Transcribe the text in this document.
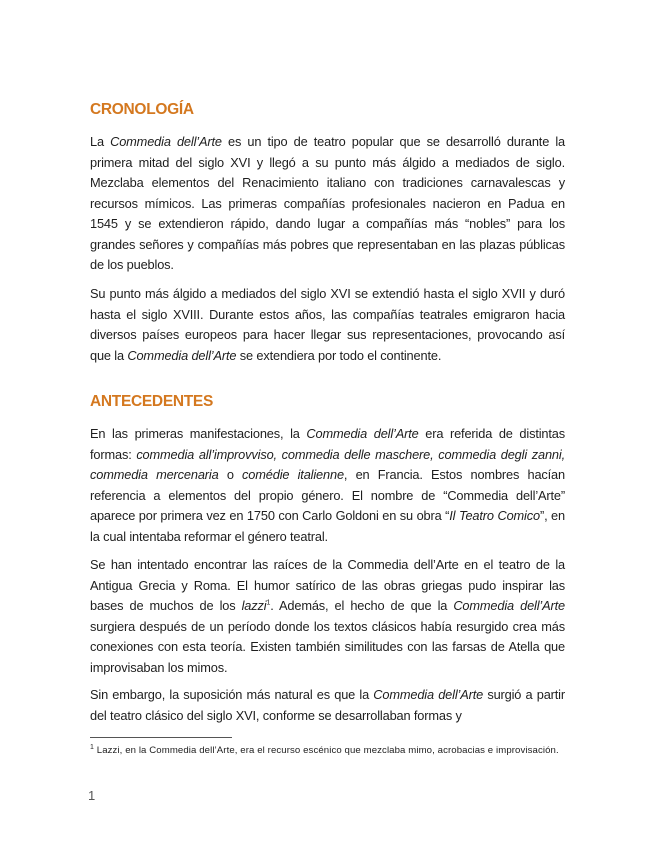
CRONOLOGÍA

La Commedia dell’Arte es un tipo de teatro popular que se desarrolló durante la primera mitad del siglo XVI y llegó a su punto más álgido a mediados de siglo. Mezclaba elementos del Renacimiento italiano con tradiciones carnavalescas y recursos mímicos. Las primeras compañías profesionales nacieron en Padua en 1545 y se extendieron rápido, dando lugar a compañías más “nobles” para los grandes señores y compañías más pobres que representaban en las plazas públicas de los pueblos.

Su punto más álgido a mediados del siglo XVI se extendió hasta el siglo XVII y duró hasta el siglo XVIII. Durante estos años, las compañías teatrales emigraron hacia diversos países europeos para hacer llegar sus representaciones, provocando así que la Commedia dell’Arte se extendiera por todo el continente.

ANTECEDENTES

En las primeras manifestaciones, la Commedia dell’Arte era referida de distintas formas: commedia all’improvviso, commedia delle maschere, commedia degli zanni, commedia mercenaria o comédie italienne, en Francia. Estos nombres hacían referencia a elementos del propio género. El nombre de “Commedia dell’Arte” aparece por primera vez en 1750 con Carlo Goldoni en su obra “Il Teatro Comico”, en la cual intentaba reformar el género teatral.

Se han intentado encontrar las raíces de la Commedia dell’Arte en el teatro de la Antigua Grecia y Roma. El humor satírico de las obras griegas pudo inspirar las bases de muchos de los lazzi$^1$. Además, el hecho de que la Commedia dell’Arte surgiera después de un período donde los textos clásicos había resurgido crea más conexiones con esta teoría. Existen también similitudes con las farsas de Atella que improvisaban los mimos.

Sin embargo, la suposición más natural es que la Commedia dell’Arte surgió a partir del teatro clásico del siglo XVI, conforme se desarrollaban formas y

$^1$ Lazzi, en la Commedia dell’Arte, era el recurso escénico que mezclaba mimo, acrobacias e improvisación.

1
